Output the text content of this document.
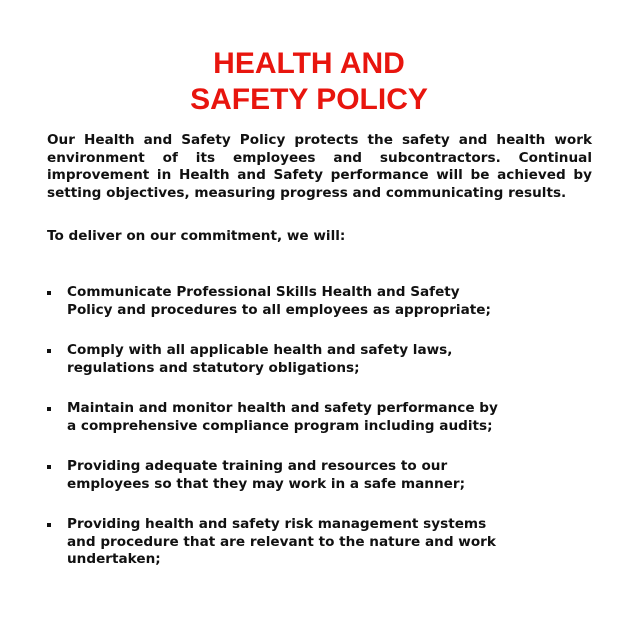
HEALTH AND
SAFETY POLICY

Our Health and Safety Policy protects the safety and health work environment of its employees and subcontractors. Continual improvement in Health and Safety performance will be achieved by setting objectives, measuring progress and communicating results.

To deliver on our commitment, we will:

Communicate Professional Skills Health and Safety
Policy and procedures to all employees as appropriate;
Comply with all applicable health and safety laws,
regulations and statutory obligations;
Maintain and monitor health and safety performance by
a comprehensive compliance program including audits;
Providing adequate training and resources to our
employees so that they may work in a safe manner;
Providing health and safety risk management systems
and procedure that are relevant to the nature and work
undertaken;
